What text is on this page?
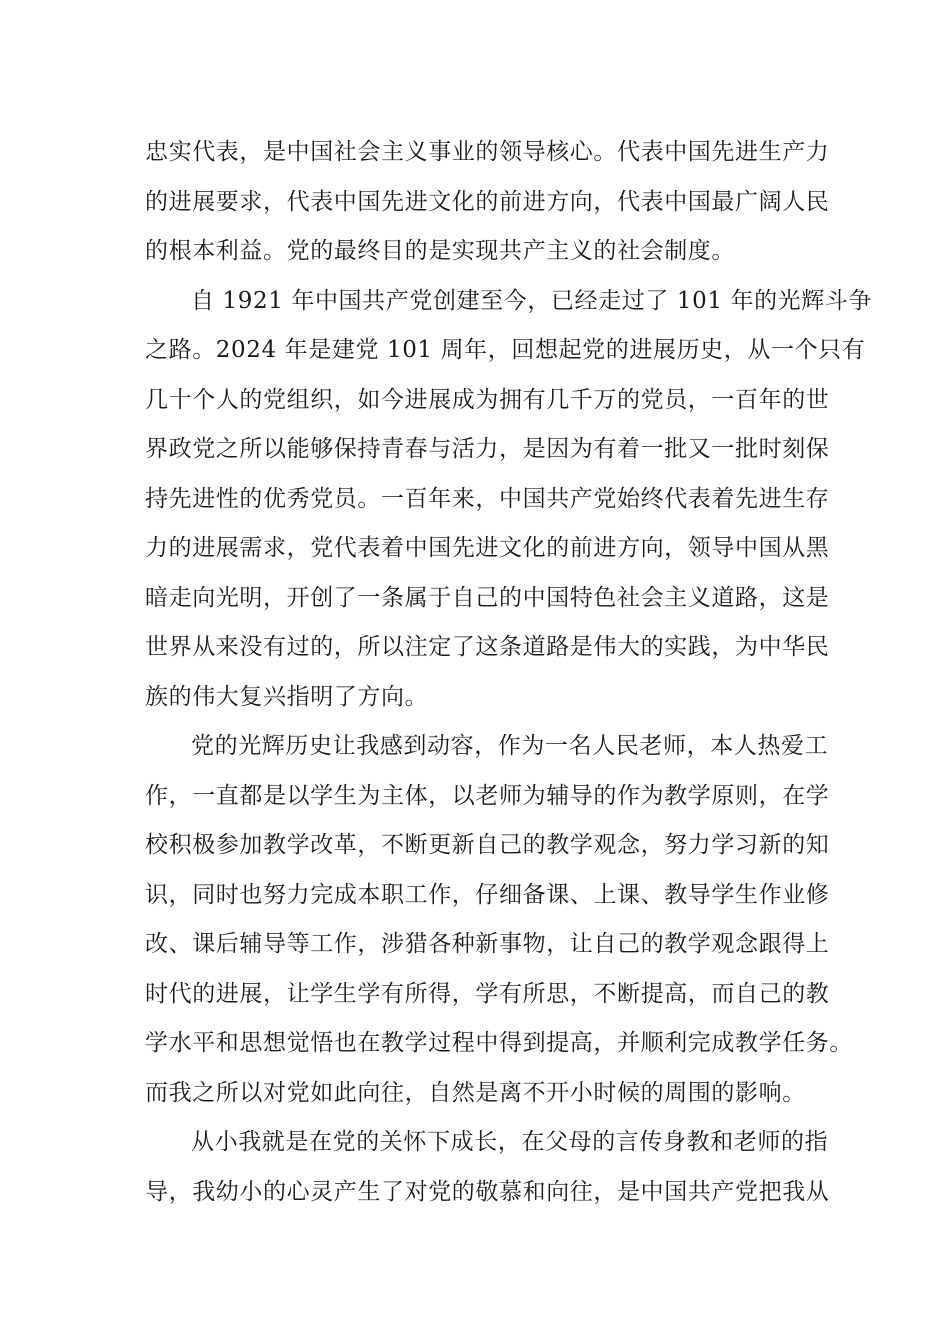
忠实代表，是中国社会主义事业的领导核心。代表中国先进生产力
的进展要求，代表中国先进文化的前进方向，代表中国最广阔人民
的根本利益。党的最终目的是实现共产主义的社会制度。
自 1921 年中国共产党创建至今，已经走过了 101 年的光辉斗争
之路。2024 年是建党 101 周年，回想起党的进展历史，从一个只有
几十个人的党组织，如今进展成为拥有几千万的党员，一百年的世
界政党之所以能够保持青春与活力，是因为有着一批又一批时刻保
持先进性的优秀党员。一百年来，中国共产党始终代表着先进生存
力的进展需求，党代表着中国先进文化的前进方向，领导中国从黑
暗走向光明，开创了一条属于自己的中国特色社会主义道路，这是
世界从来没有过的，所以注定了这条道路是伟大的实践，为中华民
族的伟大复兴指明了方向。
党的光辉历史让我感到动容，作为一名人民老师，本人热爱工
作，一直都是以学生为主体，以老师为辅导的作为教学原则，在学
校积极参加教学改革，不断更新自己的教学观念，努力学习新的知
识，同时也努力完成本职工作，仔细备课、上课、教导学生作业修
改、课后辅导等工作，涉猎各种新事物，让自己的教学观念跟得上
时代的进展，让学生学有所得，学有所思，不断提高，而自己的教
学水平和思想觉悟也在教学过程中得到提高，并顺利完成教学任务。
而我之所以对党如此向往，自然是离不开小时候的周围的影响。
从小我就是在党的关怀下成长，在父母的言传身教和老师的指
导，我幼小的心灵产生了对党的敬慕和向往，是中国共产党把我从
